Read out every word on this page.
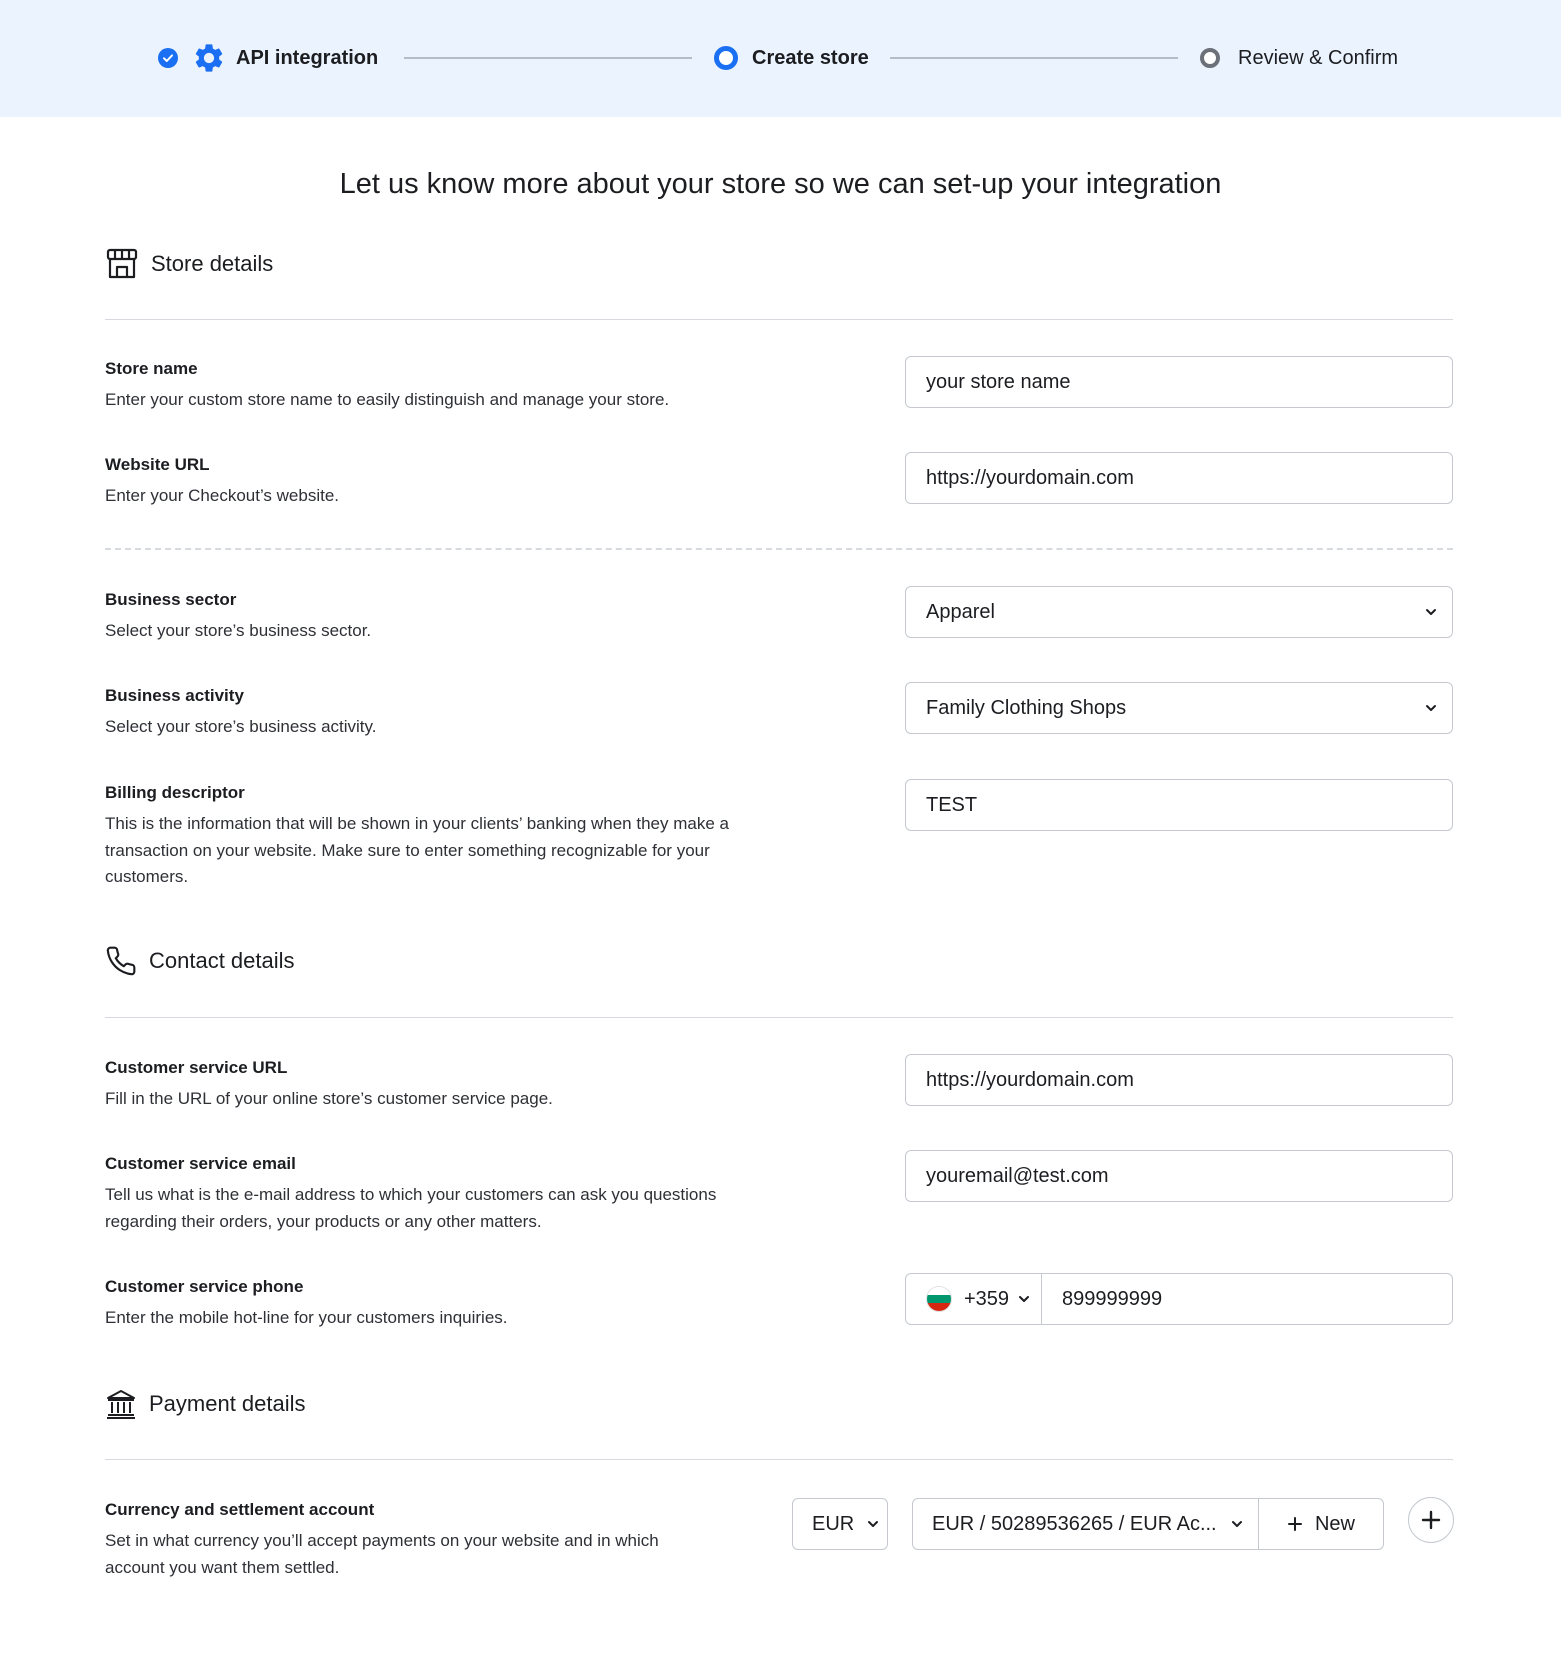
API integration	Create store	Review & Confirm
Let us know more about your store so we can set-up your integration
Store details
Store name
Enter your custom store name to easily distinguish and manage your store.
your store name
Website URL
Enter your Checkout’s website.
https://yourdomain.com
Business sector
Select your store’s business sector.
Apparel
Business activity
Select your store’s business activity.
Family Clothing Shops
Billing descriptor
This is the information that will be shown in your clients’ banking when they make a transaction on your website. Make sure to enter something recognizable for your customers.
TEST
Contact details
Customer service URL
Fill in the URL of your online store’s customer service page.
https://yourdomain.com
Customer service email
Tell us what is the e-mail address to which your customers can ask you questions regarding their orders, your products or any other matters.
youremail@test.com
Customer service phone
Enter the mobile hot-line for your customers inquiries.
+359	899999999
Payment details
Currency and settlement account
Set in what currency you’ll accept payments on your website and in which account you want them settled.
EUR	EUR / 50289536265 / EUR Ac...	New
